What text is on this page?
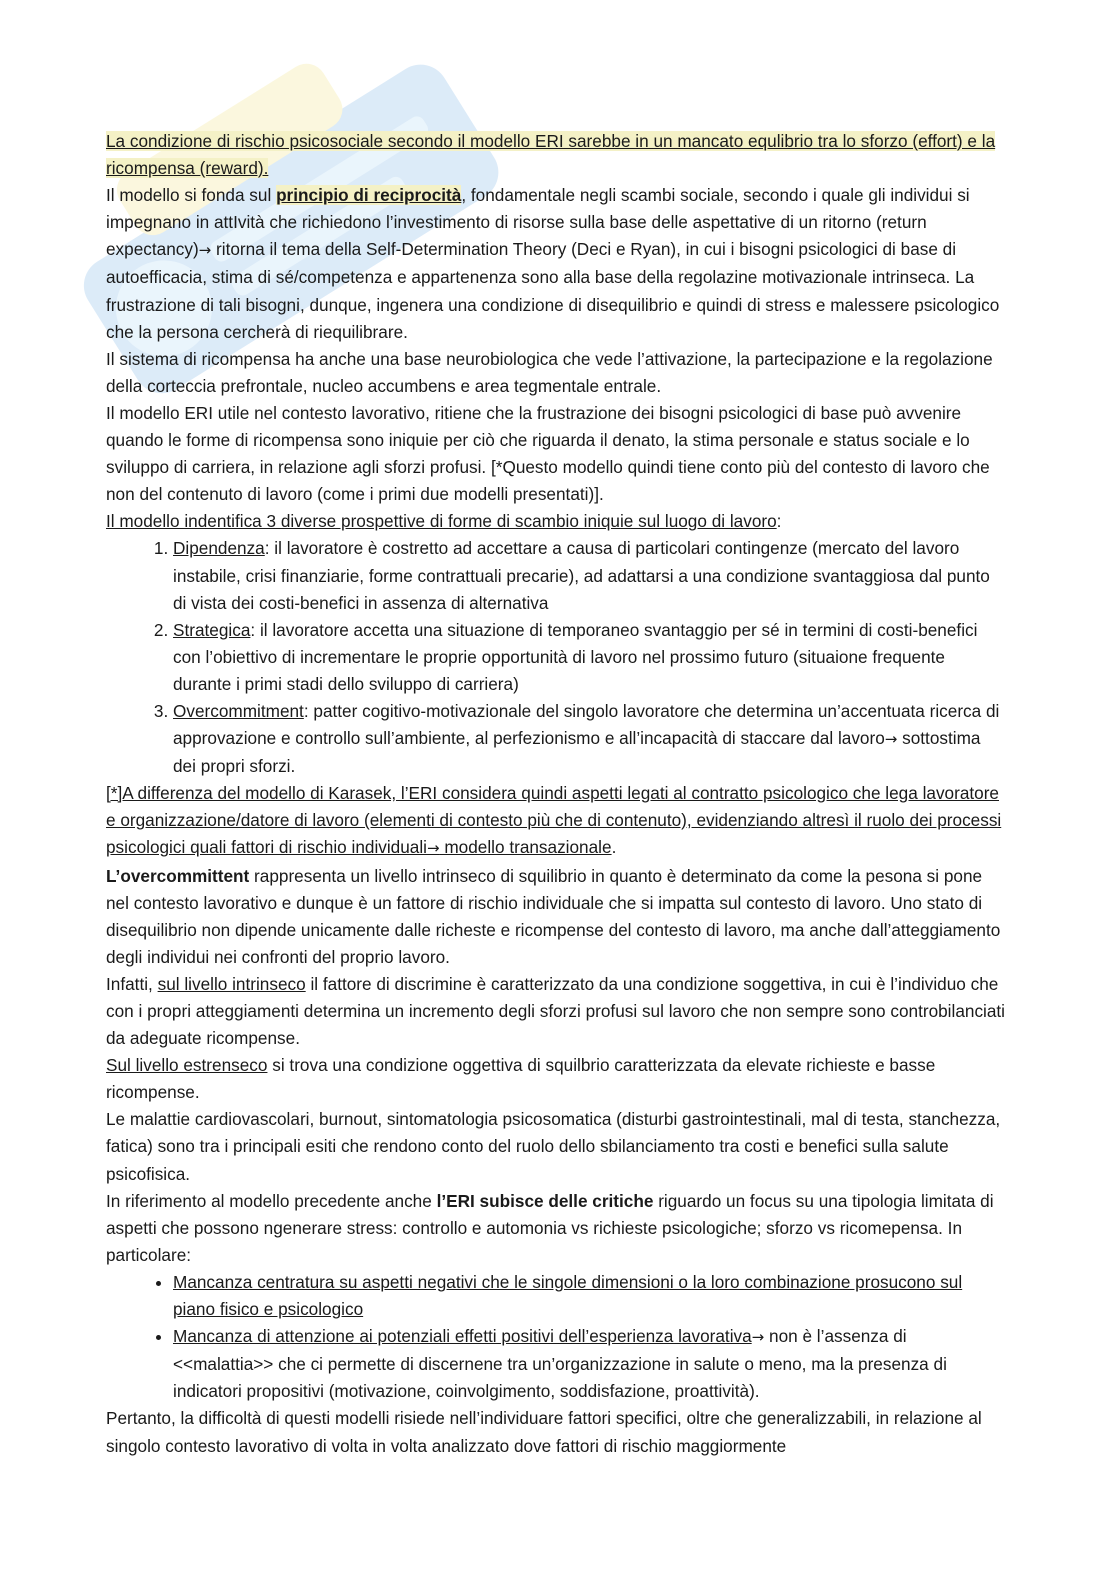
La condizione di rischio psicosociale secondo il modello ERI sarebbe in un mancato equlibrio tra lo sforzo (effort) e la ricompensa (reward).

Il modello si fonda sul principio di reciprocità, fondamentale negli scambi sociale, secondo i quale gli individui si impegnano in attIvità che richiedono l’investimento di risorse sulla base delle aspettative di un ritorno (return expectancy)→ ritorna il tema della Self-Determination Theory (Deci e Ryan), in cui i bisogni psicologici di base di autoefficacia, stima di sé/competenza e appartenenza sono alla base della regolazine motivazionale intrinseca. La frustrazione di tali bisogni, dunque, ingenera una condizione di disequilibrio e quindi di stress e malessere psicologico che la persona cercherà di riequilibrare.

Il sistema di ricompensa ha anche una base neurobiologica che vede l’attivazione, la partecipazione e la regolazione della corteccia prefrontale, nucleo accumbens e area tegmentale entrale.

Il modello ERI utile nel contesto lavorativo, ritiene che la frustrazione dei bisogni psicologici di base può avvenire quando le forme di ricompensa sono iniquie per ciò che riguarda il denato, la stima personale e status sociale e lo sviluppo di carriera, in relazione agli sforzi profusi. [*Questo modello quindi tiene conto più del contesto di lavoro che non del contenuto di lavoro (come i primi due modelli presentati)].

Il modello indentifica 3 diverse prospettive di forme di scambio iniquie sul luogo di lavoro:

1. Dipendenza: il lavoratore è costretto ad accettare a causa di particolari contingenze (mercato del lavoro instabile, crisi finanziarie, forme contrattuali precarie), ad adattarsi a una condizione svantaggiosa dal punto di vista dei costi-benefici in assenza di alternativa
2. Strategica: il lavoratore accetta una situazione di temporaneo svantaggio per sé in termini di costi-benefici con l’obiettivo di incrementare le proprie opportunità di lavoro nel prossimo futuro (situaione frequente durante i primi stadi dello sviluppo di carriera)
3. Overcommitment: patter cogitivo-motivazionale del singolo lavoratore che determina un’accentuata ricerca di approvazione e controllo sull’ambiente, al perfezionismo e all’incapacità di staccare dal lavoro→ sottostima dei propri sforzi.

[*]A differenza del modello di Karasek, l’ERI considera quindi aspetti legati al contratto psicologico che lega lavoratore e organizzazione/datore di lavoro (elementi di contesto più che di contenuto), evidenziando altresì il ruolo dei processi psicologici quali fattori di rischio individuali→ modello transazionale.

L’overcommittent rappresenta un livello intrinseco di squilibrio in quanto è determinato da come la pesona si pone nel contesto lavorativo e dunque è un fattore di rischio individuale che si impatta sul contesto di lavoro. Uno stato di disequilibrio non dipende unicamente dalle richeste e ricompense del contesto di lavoro, ma anche dall’atteggiamento degli individui nei confronti del proprio lavoro.

Infatti, sul livello intrinseco il fattore di discrimine è caratterizzato da una condizione soggettiva, in cui è l’individuo che con i propri atteggiamenti determina un incremento degli sforzi profusi sul lavoro che non sempre sono controbilanciati da adeguate ricompense.

Sul livello estrenseco si trova una condizione oggettiva di squilbrio caratterizzata da elevate richieste e basse ricompense.

Le malattie cardiovascolari, burnout, sintomatologia psicosomatica (disturbi gastrointestinali, mal di testa, stanchezza, fatica) sono tra i principali esiti che rendono conto del ruolo dello sbilanciamento tra costi e benefici sulla salute psicofisica.

In riferimento al modello precedente anche l’ERI subisce delle critiche riguardo un focus su una tipologia limitata di aspetti che possono ngenerare stress: controllo e automonia vs richieste psicologiche; sforzo vs ricomepensa. In particolare:

• Mancanza centratura su aspetti negativi che le singole dimensioni o la loro combinazione prosucono sul piano fisico e psicologico
• Mancanza di attenzione ai potenziali effetti positivi dell’esperienza lavorativa→ non è l’assenza di <<malattia>> che ci permette di discernene tra un’organizzazione in salute o meno, ma la presenza di indicatori propositivi (motivazione, coinvolgimento, soddisfazione, proattività).

Pertanto, la difficoltà di questi modelli risiede nell’individuare fattori specifici, oltre che generalizzabili, in relazione al singolo contesto lavorativo di volta in volta analizzato dove fattori di rischio maggiormente
